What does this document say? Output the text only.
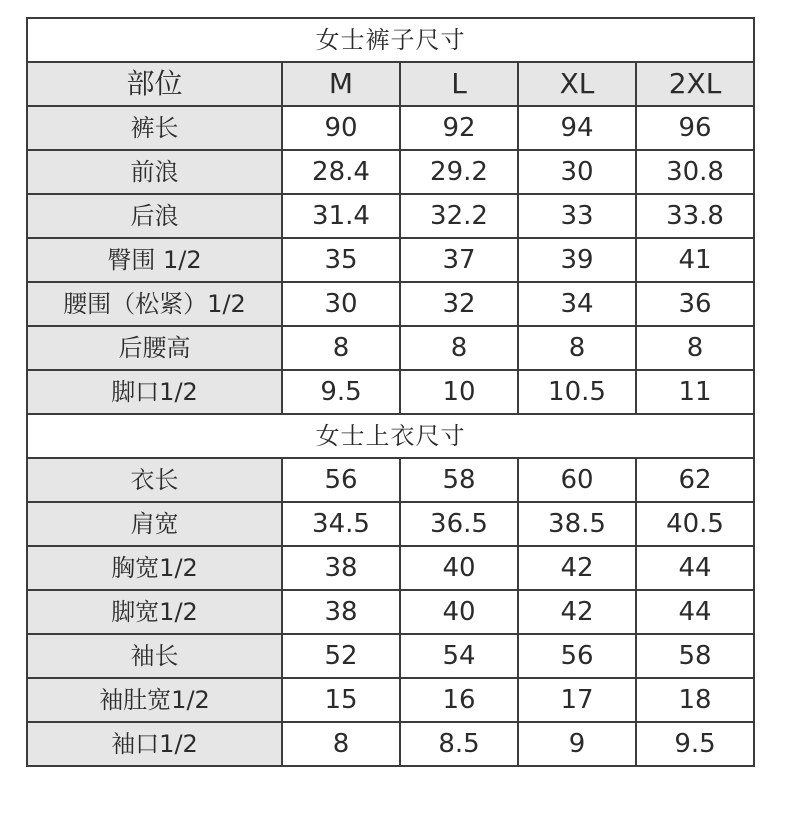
女士裤子尺寸				
部位	M	L	XL	2XL
裤长	90	92	94	96
前浪	28.4	29.2	30	30.8
后浪	31.4	32.2	33	33.8
臀围 1/2	35	37	39	41
腰围（松紧）1/2	30	32	34	36
后腰高	8	8	8	8
脚口1/2	9.5	10	10.5	11
女士上衣尺寸				
衣长	56	58	60	62
肩宽	34.5	36.5	38.5	40.5
胸宽1/2	38	40	42	44
脚宽1/2	38	40	42	44
袖长	52	54	56	58
袖肚宽1/2	15	16	17	18
袖口1/2	8	8.5	9	9.5
